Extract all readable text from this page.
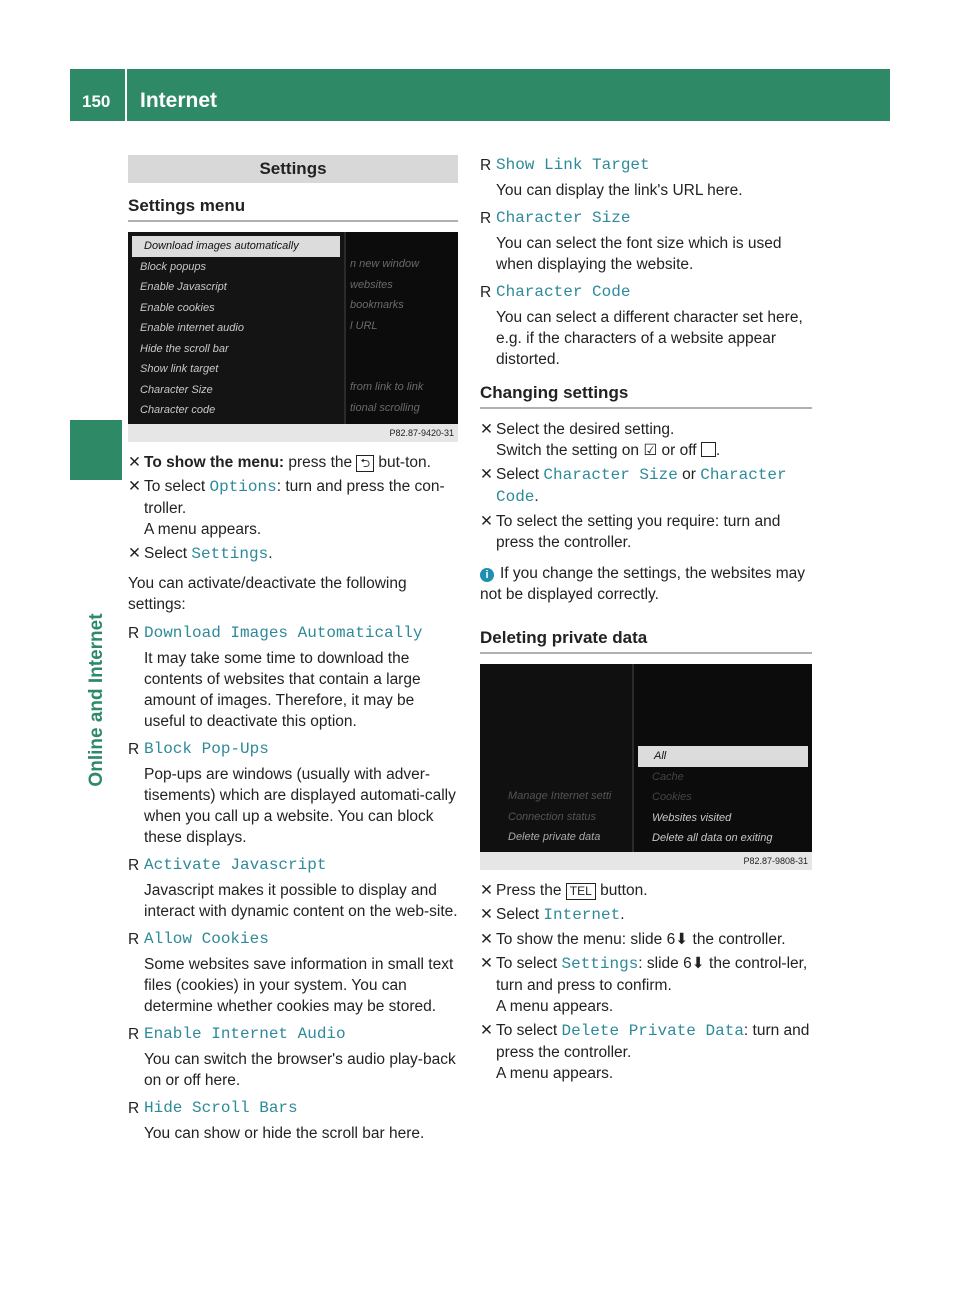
150 Internet
Online and Internet
Settings
Settings menu
Download images automatically
Block popups
Enable Javascript
Enable cookies
Enable internet audio
Hide the scroll bar
Show link target
Character Size
Character code
n new window
websites
bookmarks
l URL
from link to link
tional scrolling
P82.87-9420-31
✕ To show the menu: press the ⮌ but-ton.
✕ To select Options: turn and press the con-troller.
A menu appears.
✕ Select Settings.

You can activate/deactivate the following settings:

R Download Images Automatically
It may take some time to download the contents of websites that contain a large amount of images. Therefore, it may be useful to deactivate this option.
R Block Pop-Ups
Pop-ups are windows (usually with adver-tisements) which are displayed automati-cally when you call up a website. You can block these displays.
R Activate Javascript
Javascript makes it possible to display and interact with dynamic content on the web-site.
R Allow Cookies
Some websites save information in small text files (cookies) in your system. You can determine whether cookies may be stored.
R Enable Internet Audio
You can switch the browser's audio play-back on or off here.
R Hide Scroll Bars
You can show or hide the scroll bar here.
R Show Link Target
You can display the link's URL here.
R Character Size
You can select the font size which is used when displaying the website.
R Character Code
You can select a different character set here, e.g. if the characters of a website appear distorted.
Changing settings
✕ Select the desired setting.
Switch the setting on ☑ or off .
✕ Select Character Size or Character Code.
✕ To select the setting you require: turn and press the controller.
i If you change the settings, the websites may not be displayed correctly.
Deleting private data
Manage Internet setti
Connection status
Delete private data
All
Cache
Cookies
Websites visited
Delete all data on exiting
P82.87-9808-31
✕ Press the TEL button.
✕ Select Internet.
✕ To show the menu: slide 6⬇ the controller.
✕ To select Settings: slide 6⬇ the control-ler, turn and press to confirm.
A menu appears.
✕ To select Delete Private Data: turn and press the controller.
A menu appears.
